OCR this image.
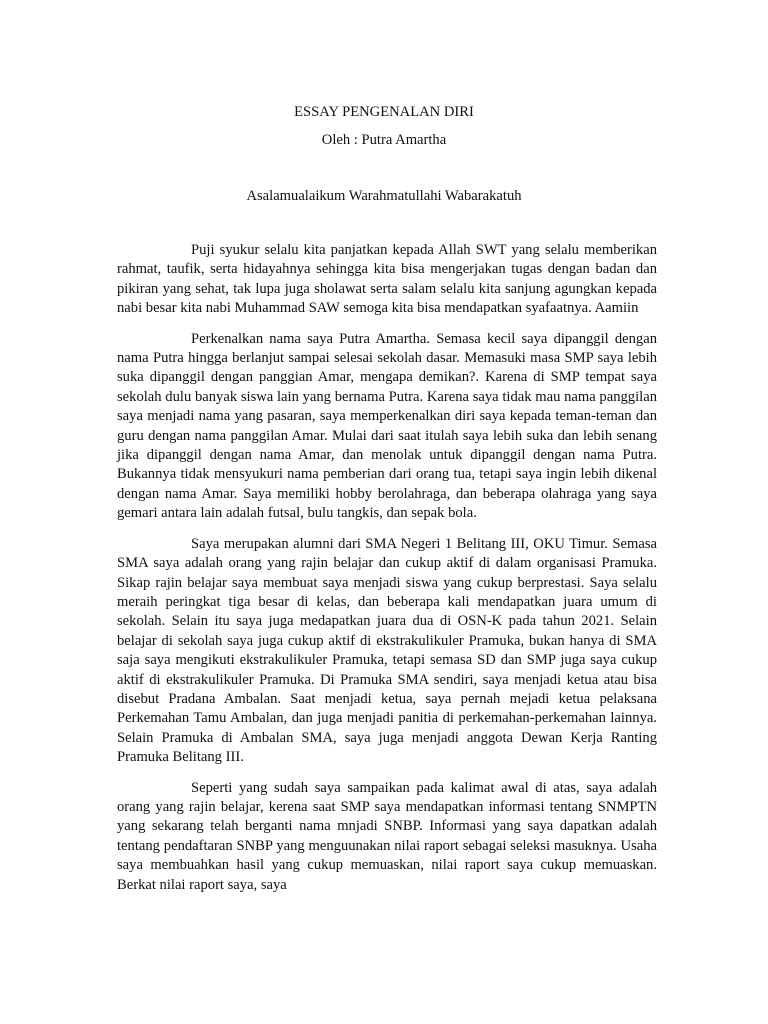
ESSAY PENGENALAN DIRI
Oleh : Putra Amartha
Asalamualaikum Warahmatullahi Wabarakatuh

Puji syukur selalu kita panjatkan kepada Allah SWT yang selalu memberikan rahmat, taufik, serta hidayahnya sehingga kita bisa mengerjakan tugas dengan badan dan pikiran yang sehat, tak lupa juga sholawat serta salam selalu kita sanjung agungkan kepada nabi besar kita nabi Muhammad SAW semoga kita bisa mendapatkan syafaatnya. Aamiin

Perkenalkan nama saya Putra Amartha. Semasa kecil saya dipanggil dengan nama Putra hingga berlanjut sampai selesai sekolah dasar. Memasuki masa SMP saya lebih suka dipanggil dengan panggian Amar, mengapa demikan?. Karena di SMP tempat saya sekolah dulu banyak siswa lain yang bernama Putra. Karena saya tidak mau nama panggilan saya menjadi nama yang pasaran, saya memperkenalkan diri saya kepada teman-teman dan guru dengan nama panggilan Amar. Mulai dari saat itulah saya lebih suka dan lebih senang jika dipanggil dengan nama Amar, dan menolak untuk dipanggil dengan nama Putra. Bukannya tidak mensyukuri nama pemberian dari orang tua, tetapi saya ingin lebih dikenal dengan nama Amar. Saya memiliki hobby berolahraga, dan beberapa olahraga yang saya gemari antara lain adalah futsal, bulu tangkis, dan sepak bola.

Saya merupakan alumni dari SMA Negeri 1 Belitang III, OKU Timur. Semasa SMA saya adalah orang yang rajin belajar dan cukup aktif di dalam organisasi Pramuka. Sikap rajin belajar saya membuat saya menjadi siswa yang cukup berprestasi. Saya selalu meraih peringkat tiga besar di kelas, dan beberapa kali mendapatkan juara umum di sekolah. Selain itu saya juga medapatkan juara dua di OSN-K pada tahun 2021. Selain belajar di sekolah saya juga cukup aktif di ekstrakulikuler Pramuka, bukan hanya di SMA saja saya mengikuti ekstrakulikuler Pramuka, tetapi semasa SD dan SMP juga saya cukup aktif di ekstrakulikuler Pramuka. Di Pramuka SMA sendiri, saya menjadi ketua atau bisa disebut Pradana Ambalan. Saat menjadi ketua, saya pernah mejadi ketua pelaksana Perkemahan Tamu Ambalan, dan juga menjadi panitia di perkemahan-perkemahan lainnya. Selain Pramuka di Ambalan SMA, saya juga menjadi anggota Dewan Kerja Ranting Pramuka Belitang III.

Seperti yang sudah saya sampaikan pada kalimat awal di atas, saya adalah orang yang rajin belajar, kerena saat SMP saya mendapatkan informasi tentang SNMPTN yang sekarang telah berganti nama mnjadi SNBP. Informasi yang saya dapatkan adalah tentang pendaftaran SNBP yang menguunakan nilai raport sebagai seleksi masuknya. Usaha saya membuahkan hasil yang cukup memuaskan, nilai raport saya cukup memuaskan. Berkat nilai raport saya, saya
